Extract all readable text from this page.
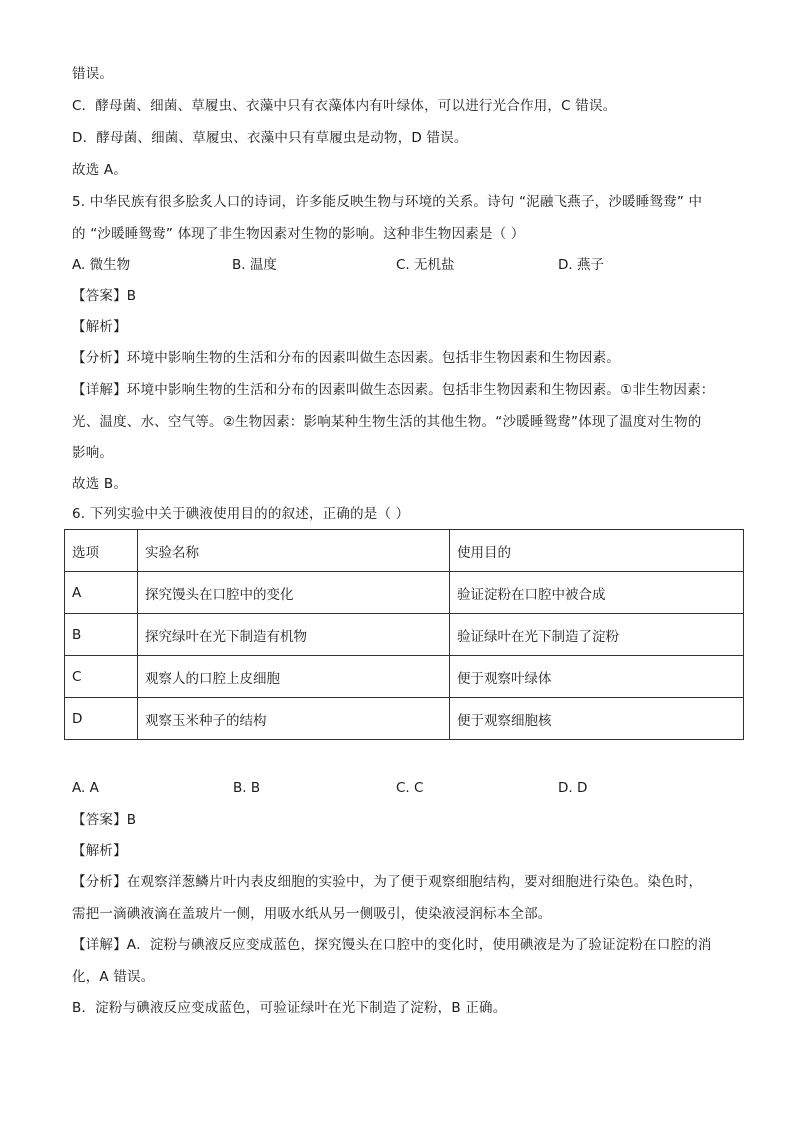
错误。
C．酵母菌、细菌、草履虫、衣藻中只有衣藻体内有叶绿体，可以进行光合作用，C 错误。
D．酵母菌、细菌、草履虫、衣藻中只有草履虫是动物，D 错误。
故选 A。
5. 中华民族有很多脍炙人口的诗词，许多能反映生物与环境的关系。诗句 “泥融飞燕子，沙暖睡鸳鸯” 中
的 “沙暖睡鸳鸯” 体现了非生物因素对生物的影响。这种非生物因素是（ ）
A. 微生物	B. 温度	C. 无机盐	D. 燕子
【答案】B
【解析】
【分析】环境中影响生物的生活和分布的因素叫做生态因素。包括非生物因素和生物因素。
【详解】环境中影响生物的生活和分布的因素叫做生态因素。包括非生物因素和生物因素。①非生物因素：
光、温度、水、空气等。②生物因素：影响某种生物生活的其他生物。“沙暖睡鸳鸯”体现了温度对生物的
影响。
故选 B。
6. 下列实验中关于碘液使用目的的叙述，正确的是（ ）
选项	实验名称	使用目的
A	探究馒头在口腔中的变化	验证淀粉在口腔中被合成
B	探究绿叶在光下制造有机物	验证绿叶在光下制造了淀粉
C	观察人的口腔上皮细胞	便于观察叶绿体
D	观察玉米种子的结构	便于观察细胞核
A. A	B. B	C. C	D. D
【答案】B
【解析】
【分析】在观察洋葱鳞片叶内表皮细胞的实验中，为了便于观察细胞结构，要对细胞进行染色。染色时，
需把一滴碘液滴在盖玻片一侧，用吸水纸从另一侧吸引，使染液浸润标本全部。
【详解】A．淀粉与碘液反应变成蓝色，探究馒头在口腔中的变化时，使用碘液是为了验证淀粉在口腔的消
化，A 错误。
B．淀粉与碘液反应变成蓝色，可验证绿叶在光下制造了淀粉，B 正确。
